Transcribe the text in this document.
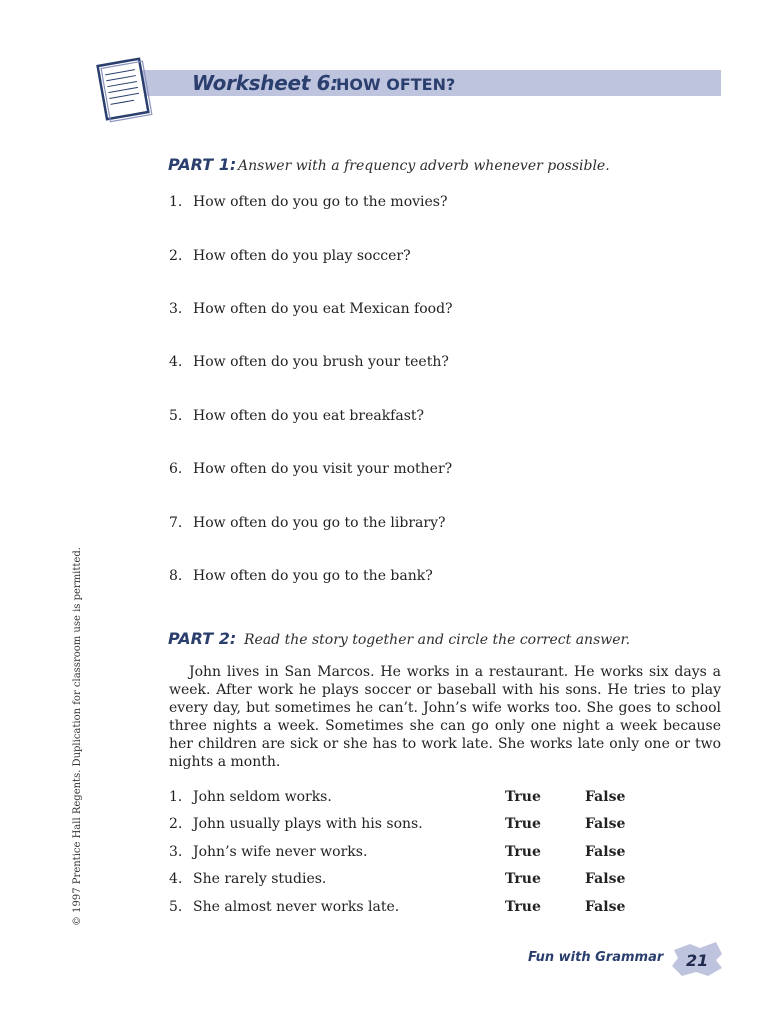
Worksheet 6:
HOW OFTEN?
PART 1: Answer with a frequency adverb whenever possible.
1. How often do you go to the movies?
2. How often do you play soccer?
3. How often do you eat Mexican food?
4. How often do you brush your teeth?
5. How often do you eat breakfast?
6. How often do you visit your mother?
7. How often do you go to the library?
8. How often do you go to the bank?
PART 2: Read the story together and circle the correct answer.
John lives in San Marcos. He works in a restaurant. He works six days a week. After work he plays soccer or baseball with his sons. He tries to play every day, but sometimes he can’t. John’s wife works too. She goes to school three nights a week. Sometimes she can go only one night a week because her children are sick or she has to work late. She works late only one or two nights a month.
1. John seldom works.	True	False
2. John usually plays with his sons.	True	False
3. John’s wife never works.	True	False
4. She rarely studies.	True	False
5. She almost never works late.	True	False
© 1997 Prentice Hall Regents. Duplication for classroom use is permitted.
Fun with Grammar 21
